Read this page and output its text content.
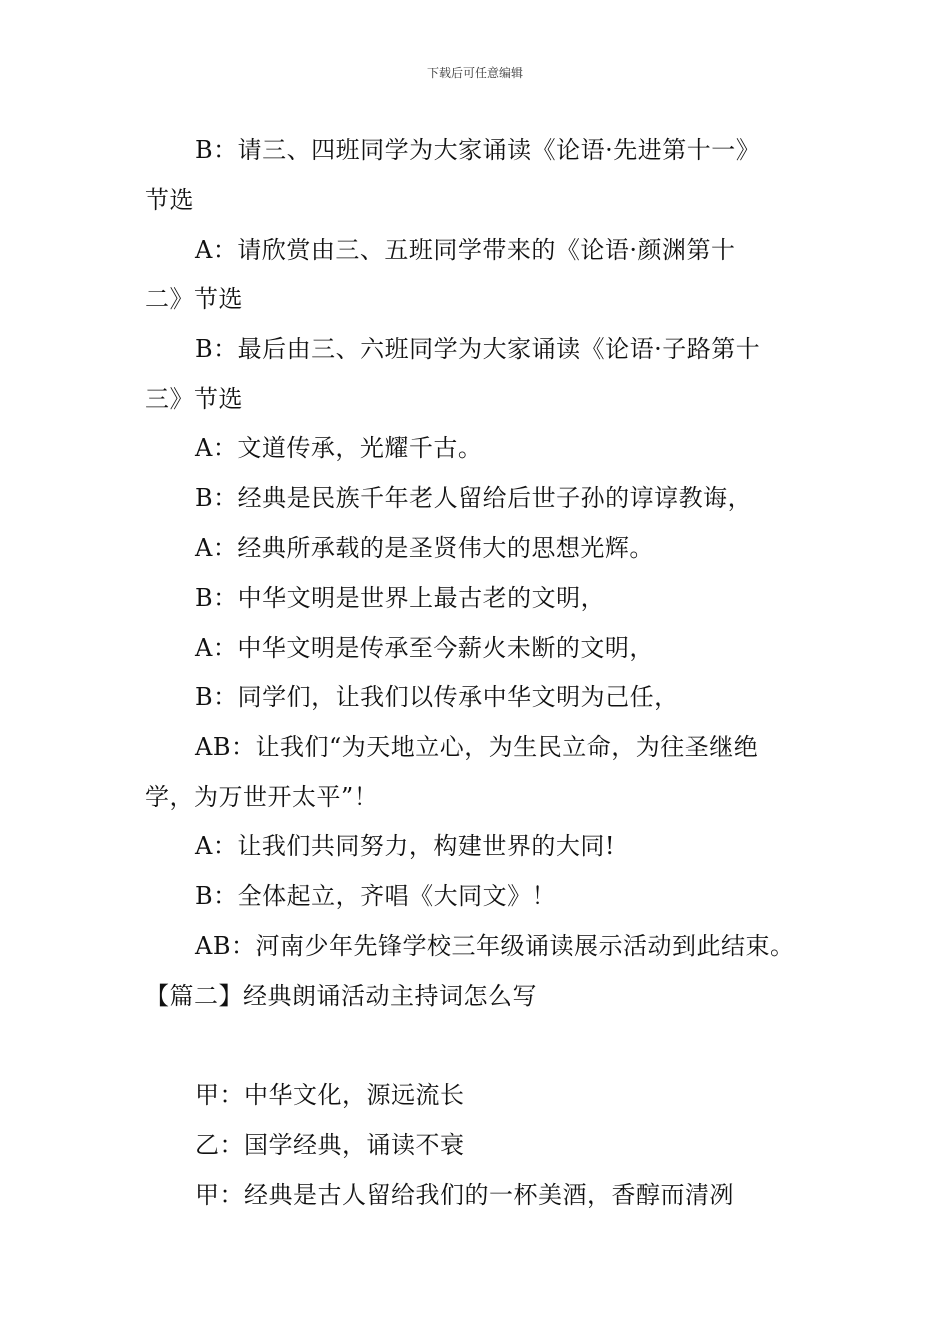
下载后可任意编辑
B：请三、四班同学为大家诵读《论语·先进第十一》
节选
A：请欣赏由三、五班同学带来的《论语·颜渊第十
二》节选
B：最后由三、六班同学为大家诵读《论语·子路第十
三》节选
A：文道传承，光耀千古。
B：经典是民族千年老人留给后世子孙的谆谆教诲，
A：经典所承载的是圣贤伟大的思想光辉。
B：中华文明是世界上最古老的文明，
A：中华文明是传承至今薪火未断的文明，
B：同学们，让我们以传承中华文明为己任，
AB：让我们“为天地立心，为生民立命，为往圣继绝
学，为万世开太平”！
A：让我们共同努力，构建世界的大同!
B：全体起立，齐唱《大同文》！
AB：河南少年先锋学校三年级诵读展示活动到此结束。
【篇二】经典朗诵活动主持词怎么写
甲：中华文化，源远流长
乙：国学经典，诵读不衰
甲：经典是古人留给我们的一杯美酒，香醇而清冽
